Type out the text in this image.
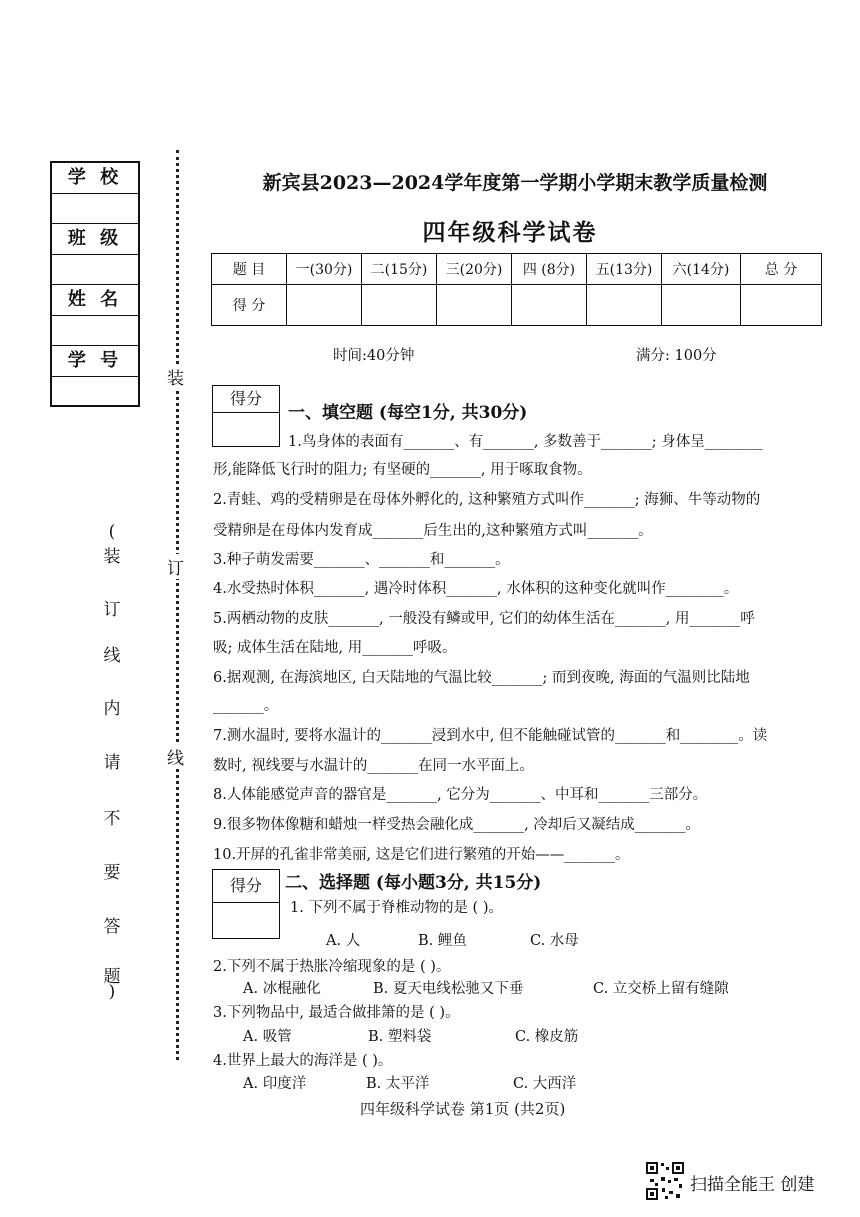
学 校
班 级
姓 名
学 号
(
装
订
线
内
请
不
要
答
题
)
装
订
线
新宾县2023—2024学年度第一学期小学期末教学质量检测
四年级科学试卷
题 目	一(30分)	二(15分)	三(20分)	四 (8分)	五(13分)	六(14分)	总 分
得 分							
时间:40分钟	满分: 100分
得分
一、填空题 (每空1分, 共30分)
1.鸟身体的表面有_______、有_______, 多数善于_______; 身体呈________
形,能降低飞行时的阻力; 有坚硬的_______, 用于啄取食物。
2.青蛙、鸡的受精卵是在母体外孵化的, 这种繁殖方式叫作_______; 海狮、牛等动物的
受精卵是在母体内发育成_______后生出的,这种繁殖方式叫_______。
3.种子萌发需要_______、_______和_______。
4.水受热时体积_______, 遇冷时体积_______, 水体积的这种变化就叫作________。
5.两栖动物的皮肤_______, 一般没有鳞或甲, 它们的幼体生活在_______, 用_______呼
吸; 成体生活在陆地, 用_______呼吸。
6.据观测, 在海滨地区, 白天陆地的气温比较_______; 而到夜晚, 海面的气温则比陆地
_______。
7.测水温时, 要将水温计的_______浸到水中, 但不能触碰试管的_______和________。读
数时, 视线要与水温计的_______在同一水平面上。
8.人体能感觉声音的器官是_______, 它分为_______、中耳和_______三部分。
9.很多物体像糖和蜡烛一样受热会融化成_______, 冷却后又凝结成_______。
10.开屏的孔雀非常美丽, 这是它们进行繁殖的开始——_______。
得分	二、选择题 (每小题3分, 共15分)
1. 下列不属于脊椎动物的是 ( )。
A. 人	B. 鲤鱼	C. 水母
2.下列不属于热胀冷缩现象的是 ( )。
A. 冰棍融化	B. 夏天电线松驰又下垂	C. 立交桥上留有缝隙
3.下列物品中, 最适合做排箫的是 ( )。
A. 吸管	B. 塑料袋	C. 橡皮筋
4.世界上最大的海洋是 ( )。
A. 印度洋	B. 太平洋	C. 大西洋
四年级科学试卷 第1页 (共2页)
扫描全能王 创建
